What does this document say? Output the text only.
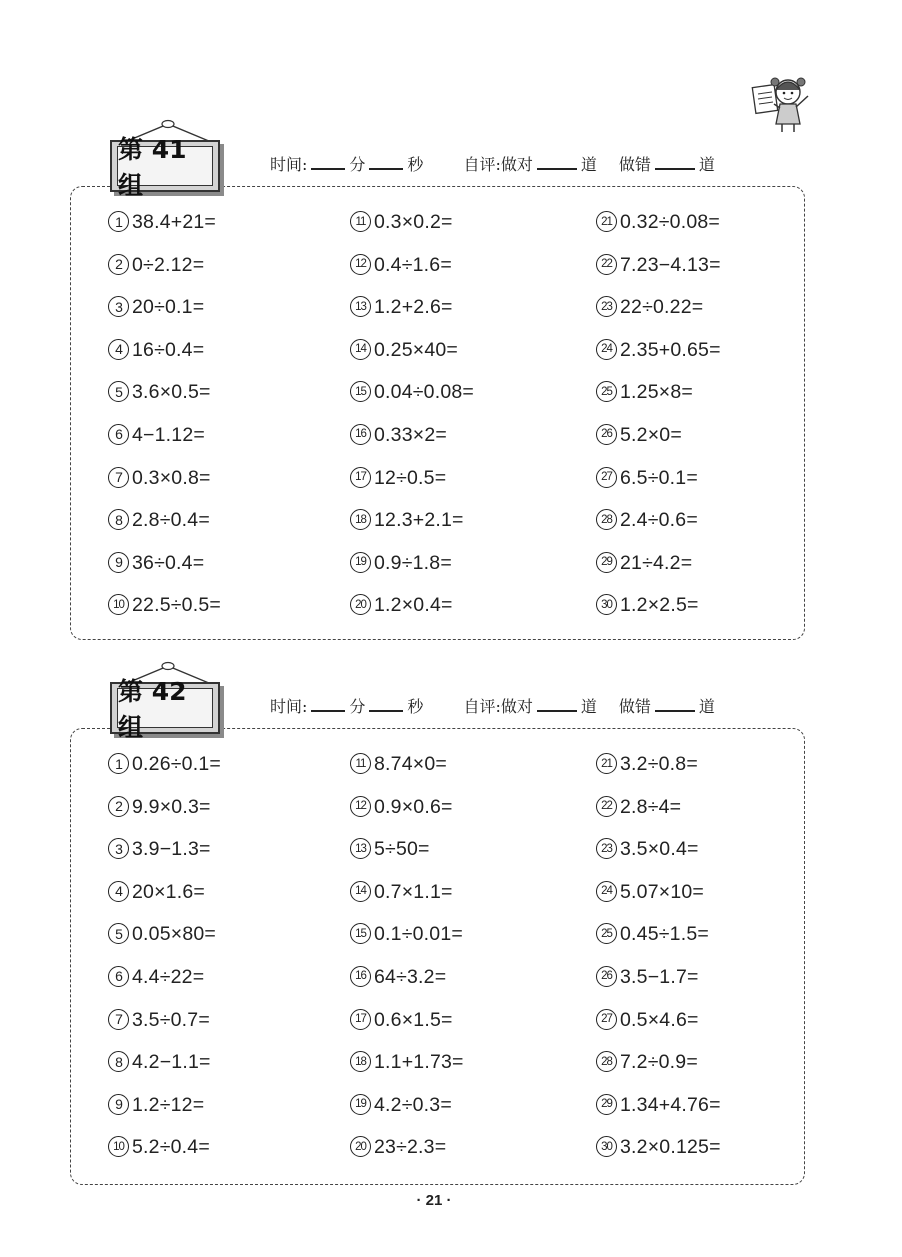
第 41 组
时间:	分	秒	自评:做对	道 做错	道
1 38.4+21=
2 0÷2.12=
3 20÷0.1=
4 16÷0.4=
5 3.6×0.5=
6 4−1.12=
7 0.3×0.8=
8 2.8÷0.4=
9 36÷0.4=
10 22.5÷0.5=
11 0.3×0.2=
12 0.4÷1.6=
13 1.2+2.6=
14 0.25×40=
15 0.04÷0.08=
16 0.33×2=
17 12÷0.5=
18 12.3+2.1=
19 0.9÷1.8=
20 1.2×0.4=
21 0.32÷0.08=
22 7.23−4.13=
23 22÷0.22=
24 2.35+0.65=
25 1.25×8=
26 5.2×0=
27 6.5÷0.1=
28 2.4÷0.6=
29 21÷4.2=
30 1.2×2.5=
第 42 组
时间:	分	秒	自评:做对	道 做错	道
1 0.26÷0.1=
2 9.9×0.3=
3 3.9−1.3=
4 20×1.6=
5 0.05×80=
6 4.4÷22=
7 3.5÷0.7=
8 4.2−1.1=
9 1.2÷12=
10 5.2÷0.4=
11 8.74×0=
12 0.9×0.6=
13 5÷50=
14 0.7×1.1=
15 0.1÷0.01=
16 64÷3.2=
17 0.6×1.5=
18 1.1+1.73=
19 4.2÷0.3=
20 23÷2.3=
21 3.2÷0.8=
22 2.8÷4=
23 3.5×0.4=
24 5.07×10=
25 0.45÷1.5=
26 3.5−1.7=
27 0.5×4.6=
28 7.2÷0.9=
29 1.34+4.76=
30 3.2×0.125=
· 21 ·
